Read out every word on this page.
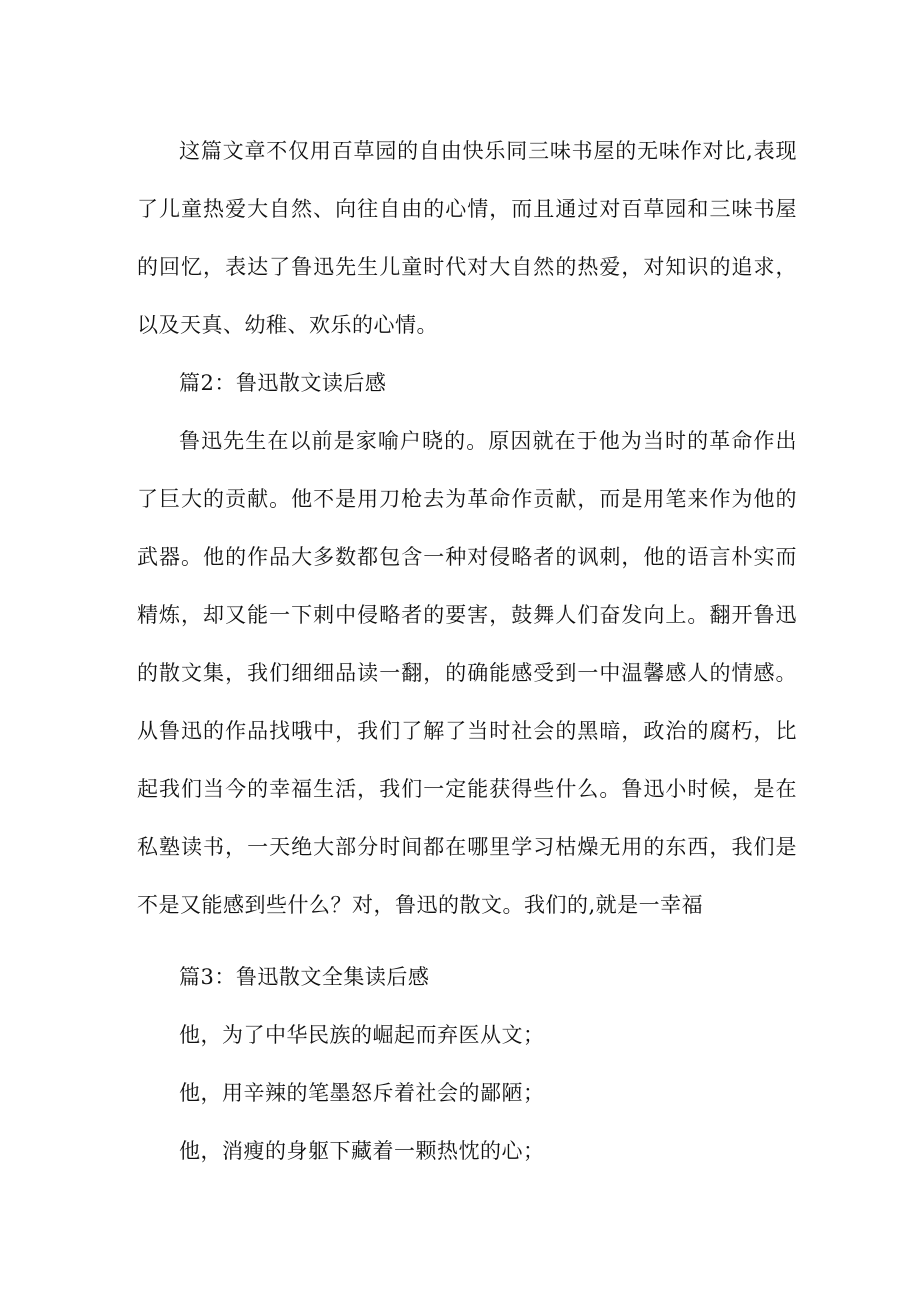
这篇文章不仅用百草园的自由快乐同三味书屋的无味作对比,表现了儿童热爱大自然、向往自由的心情，而且通过对百草园和三味书屋的回忆，表达了鲁迅先生儿童时代对大自然的热爱，对知识的追求，以及天真、幼稚、欢乐的心情。

篇2：鲁迅散文读后感

鲁迅先生在以前是家喻户晓的。原因就在于他为当时的革命作出了巨大的贡献。他不是用刀枪去为革命作贡献，而是用笔来作为他的武器。他的作品大多数都包含一种对侵略者的讽刺，他的语言朴实而精炼，却又能一下刺中侵略者的要害，鼓舞人们奋发向上。翻开鲁迅的散文集，我们细细品读一翻，的确能感受到一中温馨感人的情感。从鲁迅的作品找哦中，我们了解了当时社会的黑暗，政治的腐朽，比起我们当今的幸福生活，我们一定能获得些什么。鲁迅小时候，是在私塾读书，一天绝大部分时间都在哪里学习枯燥无用的东西，我们是不是又能感到些什么？对，鲁迅的散文。我们的,就是一幸福

篇3：鲁迅散文全集读后感

他，为了中华民族的崛起而弃医从文；

他，用辛辣的笔墨怒斥着社会的鄙陋；

他，消瘦的身躯下藏着一颗热忱的心；
